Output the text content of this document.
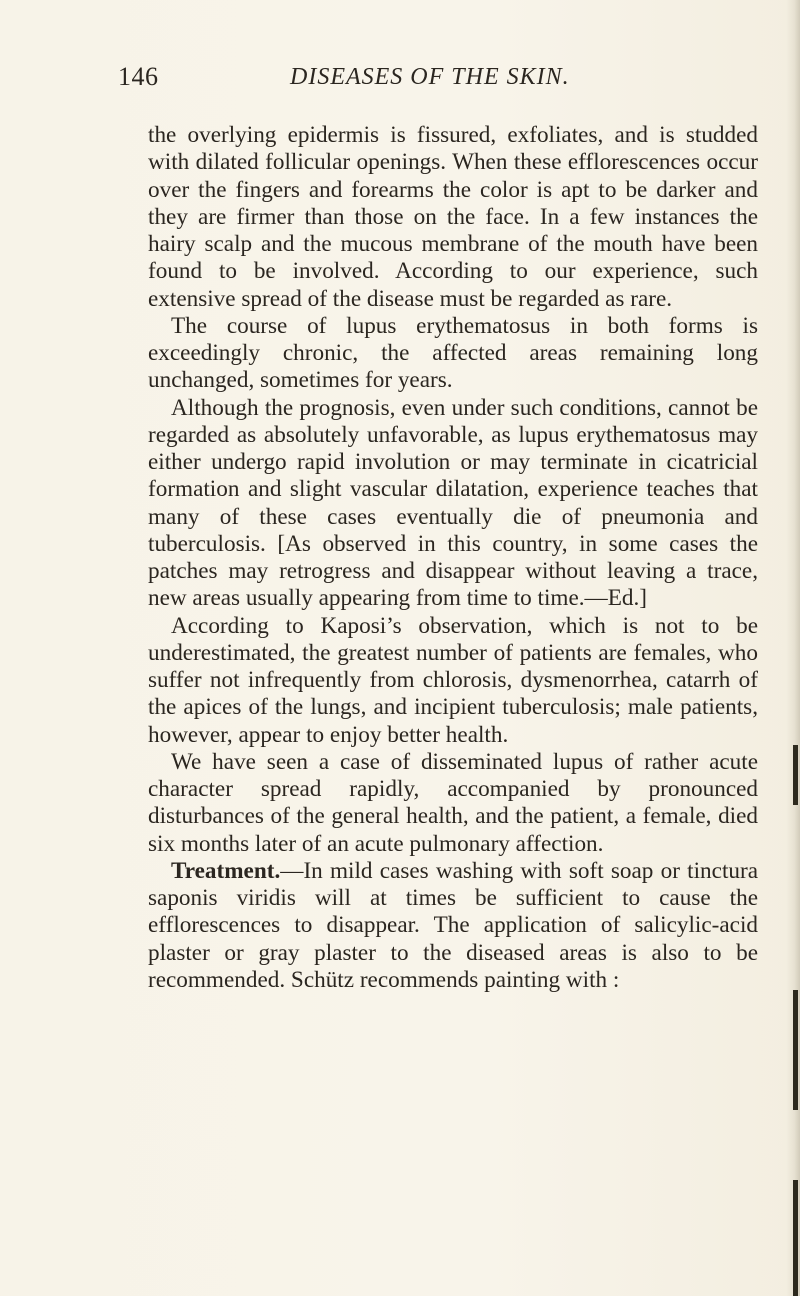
146	DISEASES OF THE SKIN.

the overlying epidermis is fissured, exfoliates, and is studded with dilated follicular openings. When these efflorescences occur over the fingers and forearms the color is apt to be darker and they are firmer than those on the face. In a few instances the hairy scalp and the mucous membrane of the mouth have been found to be involved. According to our experience, such extensive spread of the disease must be regarded as rare.

The course of lupus erythematosus in both forms is exceedingly chronic, the affected areas remaining long unchanged, sometimes for years.

Although the prognosis, even under such conditions, cannot be regarded as absolutely unfavorable, as lupus erythematosus may either undergo rapid involution or may terminate in cicatricial formation and slight vascular dilatation, experience teaches that many of these cases eventually die of pneumonia and tuberculosis. [As observed in this country, in some cases the patches may retrogress and disappear without leaving a trace, new areas usually appearing from time to time.—Ed.]

According to Kaposi’s observation, which is not to be underestimated, the greatest number of patients are females, who suffer not infrequently from chlorosis, dysmenorrhea, catarrh of the apices of the lungs, and incipient tuberculosis; male patients, however, appear to enjoy better health.

We have seen a case of disseminated lupus of rather acute character spread rapidly, accompanied by pronounced disturbances of the general health, and the patient, a female, died six months later of an acute pulmonary affection.

Treatment.—In mild cases washing with soft soap or tinctura saponis viridis will at times be sufficient to cause the efflorescences to disappear. The application of salicylic-acid plaster or gray plaster to the diseased areas is also to be recommended. Schütz recommends painting with :
